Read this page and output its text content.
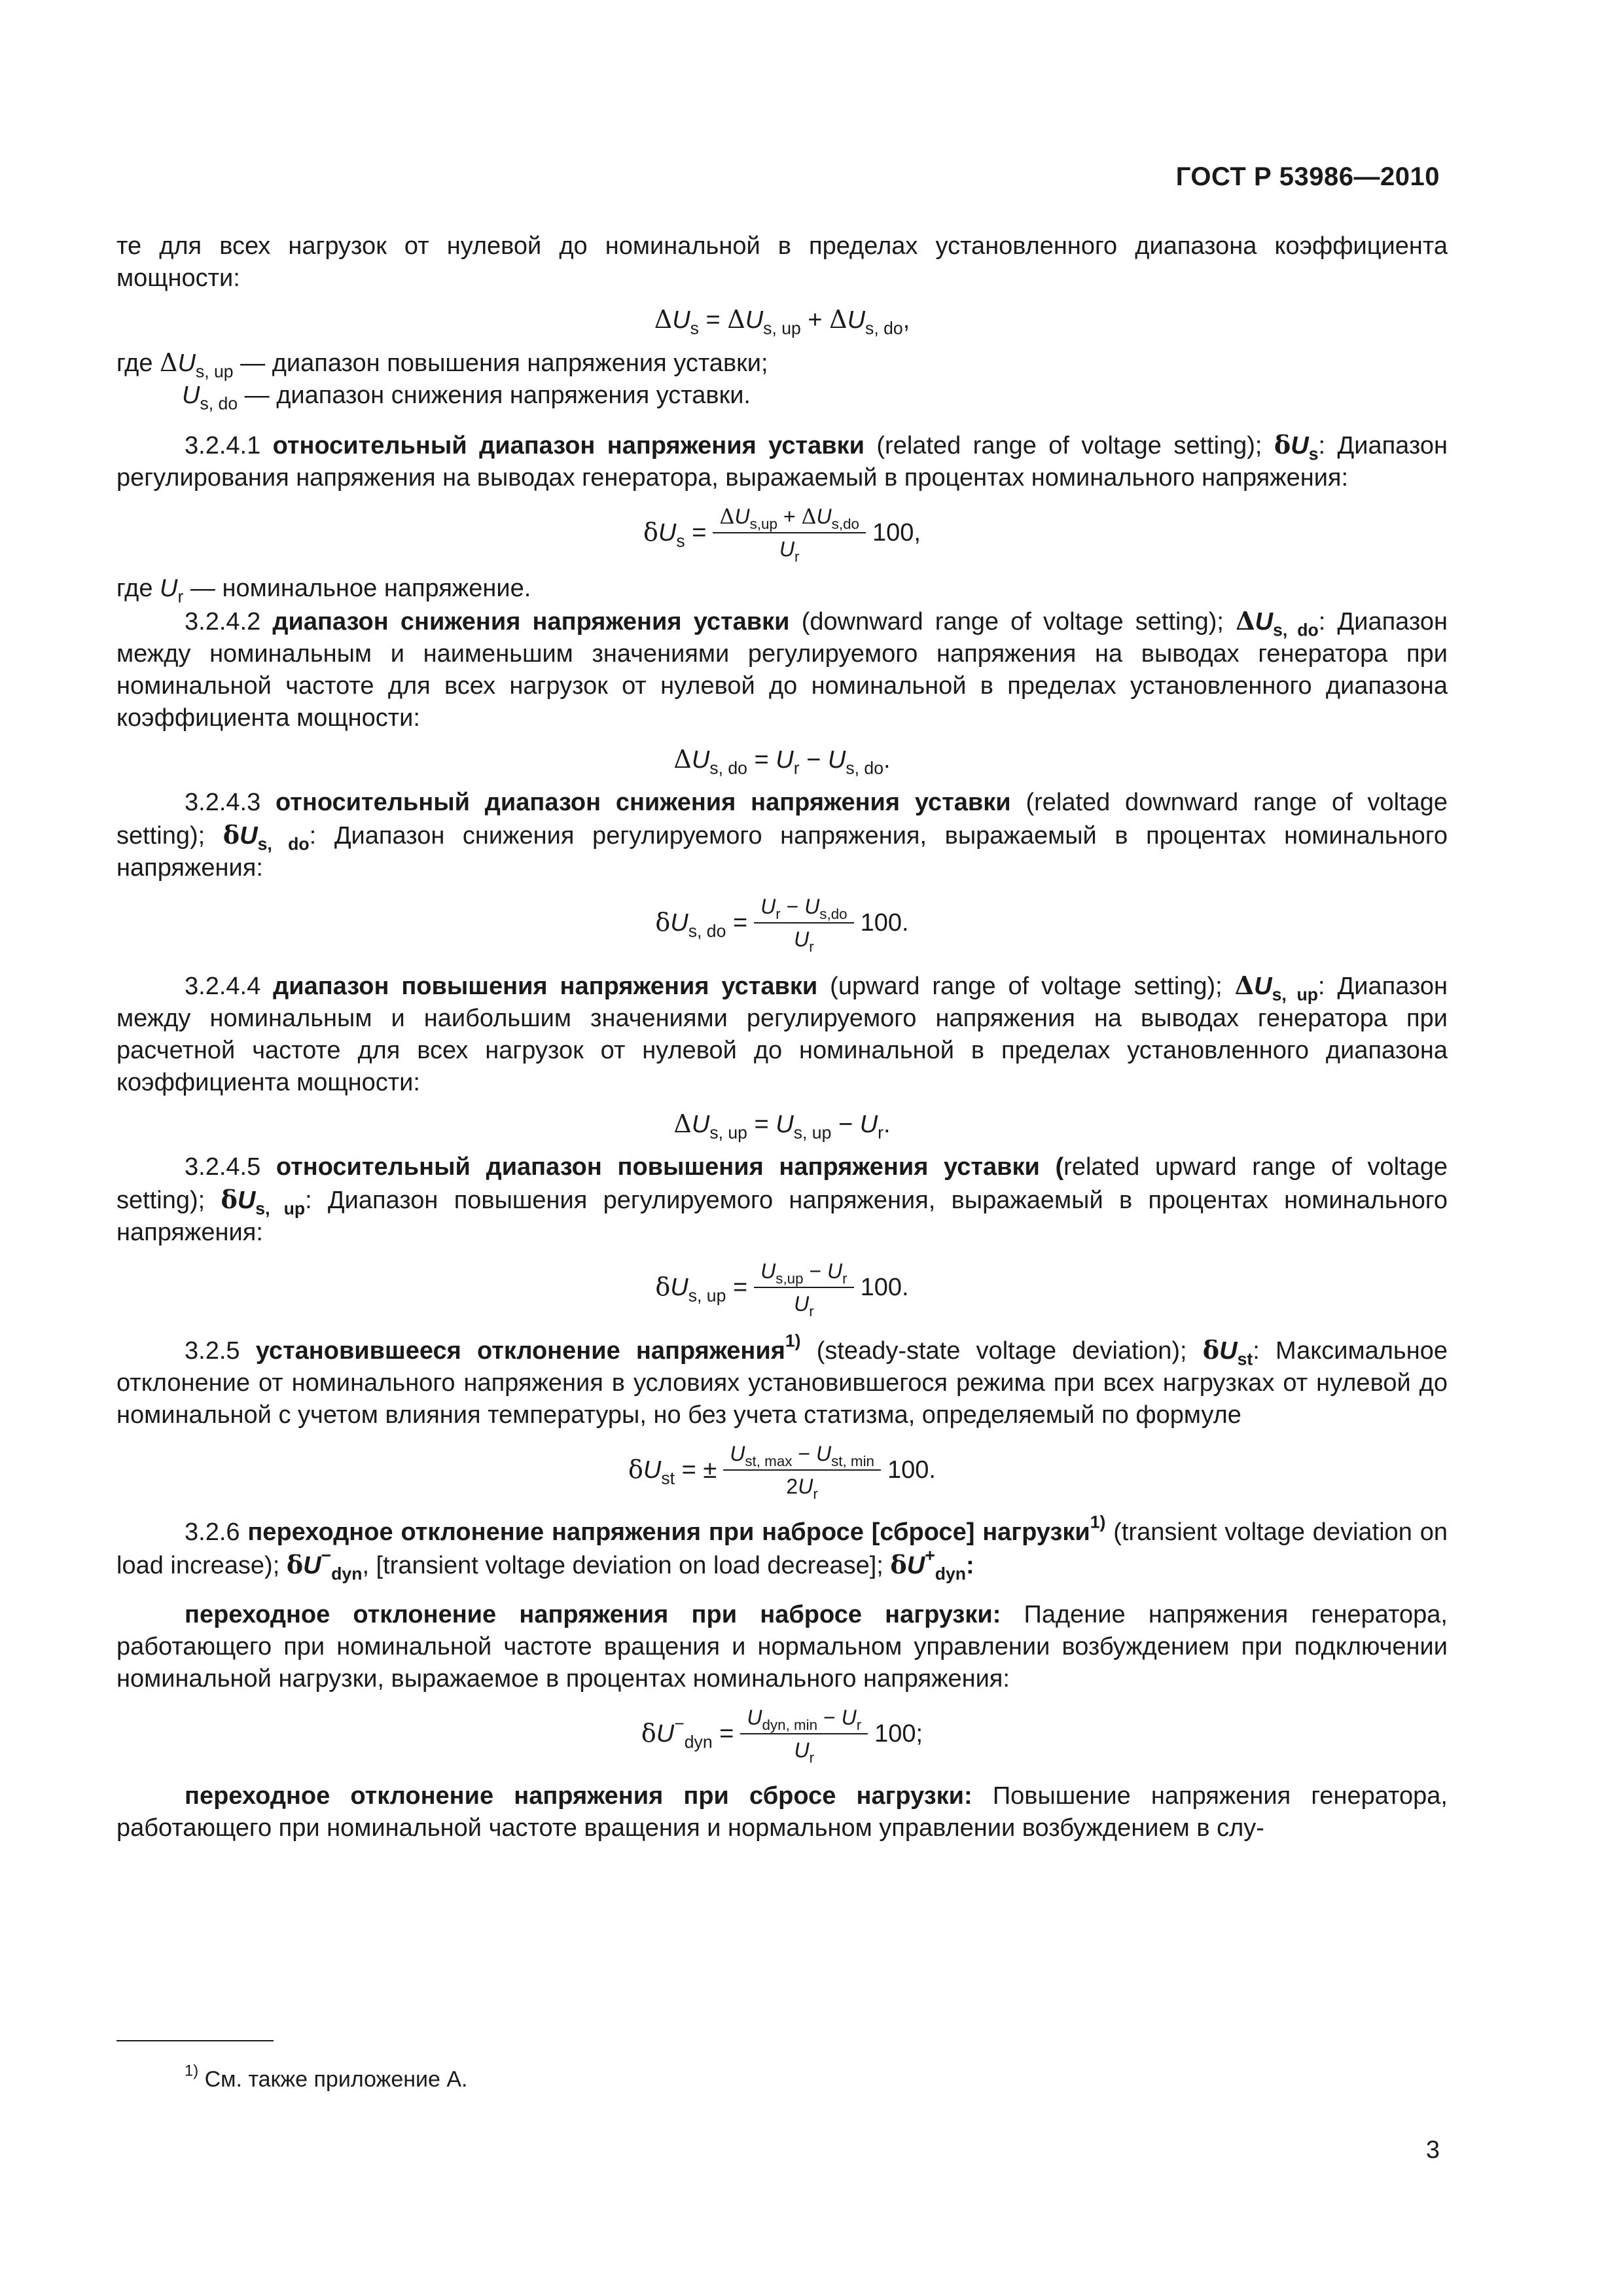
ГОСТ Р 53986—2010

те для всех нагрузок от нулевой до номинальной в пределах установленного диапазона коэффициента мощности:

$\Delta U_s = \Delta U_{s, up} + \Delta U_{s, do}$,
где $\Delta U_{s, up}$ — диапазон повышения напряжения уставки;
$U_{s, do}$ — диапазон снижения напряжения уставки.

3.2.4.1 относительный диапазон напряжения уставки (related range of voltage setting); $\delta U_s$: Диапазон регулирования напряжения на выводах генератора, выражаемый в процентах номинального напряжения:

$\delta U_s = \frac{\Delta U_{s,up} + \Delta U_{s,do}}{U_r} 100$,

где $U_r$ — номинальное напряжение.

3.2.4.2 диапазон снижения напряжения уставки (downward range of voltage setting); $\Delta U_{s, do}$: Диапазон между номинальным и наименьшим значениями регулируемого напряжения на выводах генератора при номинальной частоте для всех нагрузок от нулевой до номинальной в пределах установленного диапазона коэффициента мощности:

$\Delta U_{s, do} = U_r - U_{s, do}$.

3.2.4.3 относительный диапазон снижения напряжения уставки (related downward range of voltage setting); $\delta U_{s, do}$: Диапазон снижения регулируемого напряжения, выражаемый в процентах номинального напряжения:

$\delta U_{s, do} = \frac{U_r - U_{s,do}}{U_r} 100$.

3.2.4.4 диапазон повышения напряжения уставки (upward range of voltage setting); $\Delta U_{s, up}$: Диапазон между номинальным и наибольшим значениями регулируемого напряжения на выводах генератора при расчетной частоте для всех нагрузок от нулевой до номинальной в пределах установленного диапазона коэффициента мощности:

$\Delta U_{s, up} = U_{s, up} - U_r$.

3.2.4.5 относительный диапазон повышения напряжения уставки (related upward range of voltage setting); $\delta U_{s, up}$: Диапазон повышения регулируемого напряжения, выражаемый в процентах номинального напряжения:

$\delta U_{s, up} = \frac{U_{s,up} - U_r}{U_r} 100$.

3.2.5 установившееся отклонение напряжения$^{1)}$ (steady-state voltage deviation); $\delta U_{st}$: Максимальное отклонение от номинального напряжения в условиях установившегося режима при всех нагрузках от нулевой до номинальной с учетом влияния температуры, но без учета статизма, определяемый по формуле

$\delta U_{st}$ = ± $\frac{U_{st, max} - U_{st, min}}{2U_r} 100$.

3.2.6 переходное отклонение напряжения при набросе [сбросе] нагрузки$^{1)}$ (transient voltage deviation on load increase); $\delta U^-_{dyn}$, [transient voltage deviation on load decrease]; $\delta U^+_{dyn}$:

переходное отклонение напряжения при набросе нагрузки: Падение напряжения генератора, работающего при номинальной частоте вращения и нормальном управлении возбуждением при подключении номинальной нагрузки, выражаемое в процентах номинального напряжения:

$\delta U^-_{dyn} = \frac{U_{dyn, min} - U_r}{U_r} 100$;

переходное отклонение напряжения при сбросе нагрузки: Повышение напряжения генератора, работающего при номинальной частоте вращения и нормальном управлении возбуждением в слу-

$^{1)}$ См. также приложение А.
3
